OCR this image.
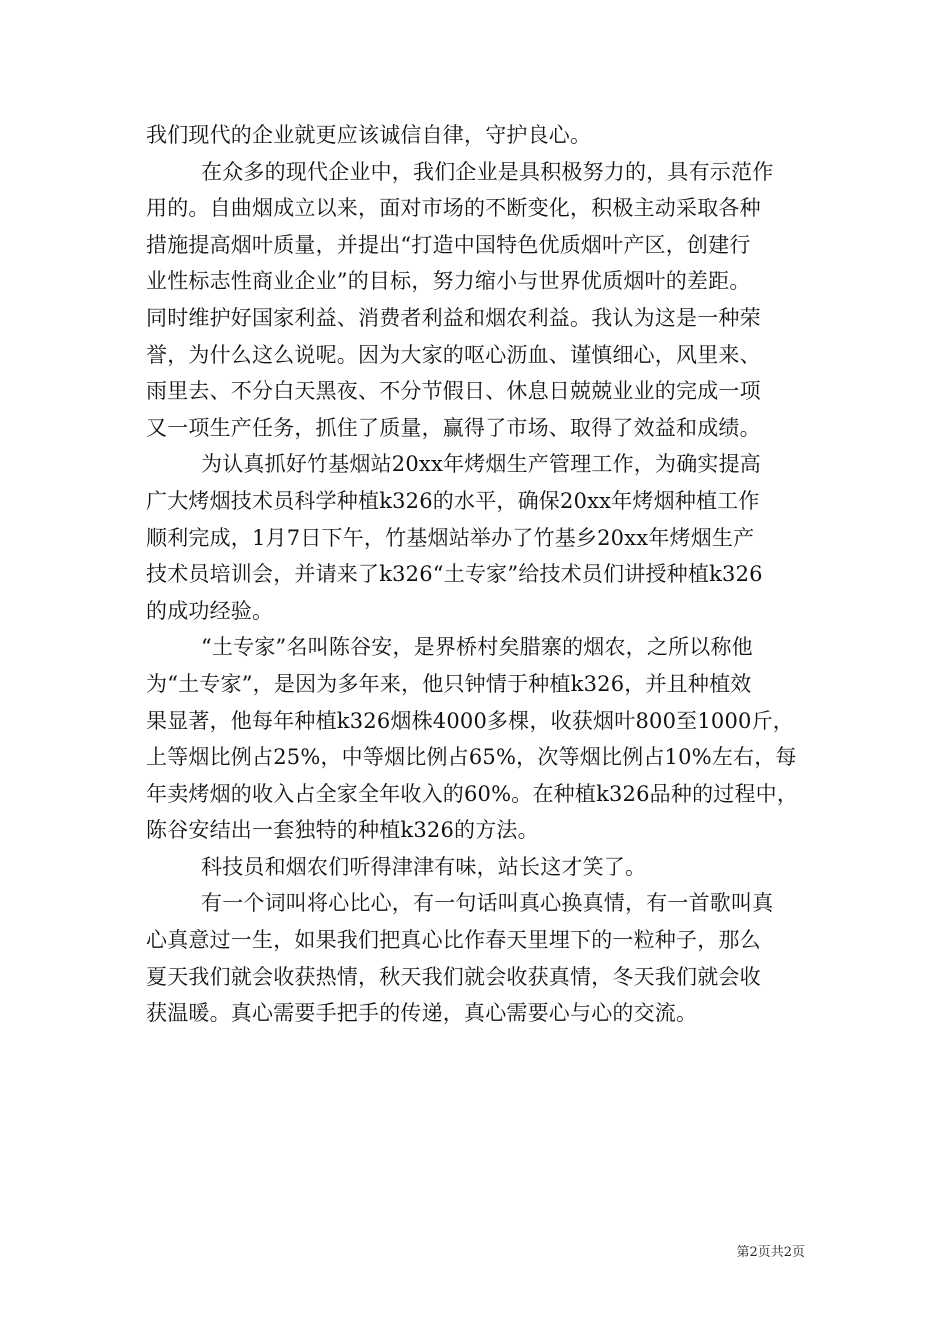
我们现代的企业就更应该诚信自律，守护良心。
在众多的现代企业中，我们企业是具积极努力的，具有示范作
用的。自曲烟成立以来，面对市场的不断变化，积极主动采取各种
措施提高烟叶质量，并提出“打造中国特色优质烟叶产区，创建行
业性标志性商业企业”的目标，努力缩小与世界优质烟叶的差距。
同时维护好国家利益、消费者利益和烟农利益。我认为这是一种荣
誉，为什么这么说呢。因为大家的呕心沥血、谨慎细心，风里来、
雨里去、不分白天黑夜、不分节假日、休息日兢兢业业的完成一项
又一项生产任务，抓住了质量，赢得了市场、取得了效益和成绩。
为认真抓好竹基烟站20xx年烤烟生产管理工作，为确实提高
广大烤烟技术员科学种植k326的水平，确保20xx年烤烟种植工作
顺利完成，1月7日下午，竹基烟站举办了竹基乡20xx年烤烟生产
技术员培训会，并请来了k326“土专家”给技术员们讲授种植k326
的成功经验。
“土专家”名叫陈谷安，是界桥村矣腊寨的烟农，之所以称他
为“土专家”，是因为多年来，他只钟情于种植k326，并且种植效
果显著，他每年种植k326烟株4000多棵，收获烟叶800至1000斤，
上等烟比例占25%，中等烟比例占65%，次等烟比例占10%左右，每
年卖烤烟的收入占全家全年收入的60%。在种植k326品种的过程中，
陈谷安结出一套独特的种植k326的方法。
科技员和烟农们听得津津有味，站长这才笑了。
有一个词叫将心比心，有一句话叫真心换真情，有一首歌叫真
心真意过一生，如果我们把真心比作春天里埋下的一粒种子，那么
夏天我们就会收获热情，秋天我们就会收获真情，冬天我们就会收
获温暖。真心需要手把手的传递，真心需要心与心的交流。
第2页共2页
